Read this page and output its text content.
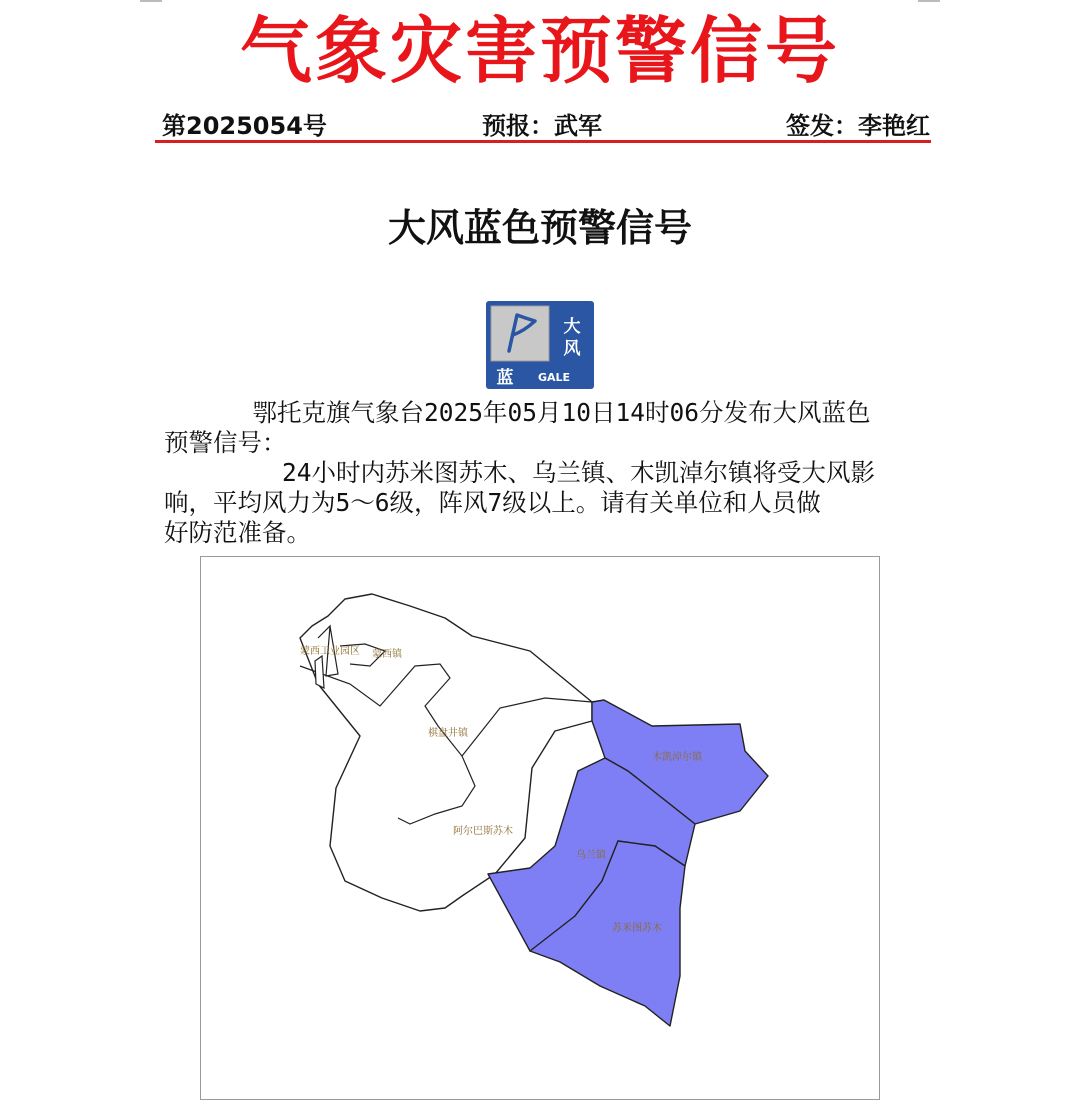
气象灾害预警信号
第2025054号	预报：武军	签发：李艳红
大风蓝色预警信号
大
风
蓝 GALE
鄂托克旗气象台2025年05月10日14时06分发布大风蓝色
预警信号：
24小时内苏米图苏木、乌兰镇、木凯淖尔镇将受大风影
响，平均风力为5～6级，阵风7级以上。请有关单位和人员做
好防范准备。
蒙西工业园区 蒙西镇
棋盘井镇
木凯淖尔镇
阿尔巴斯苏木
乌兰镇
苏米图苏木
